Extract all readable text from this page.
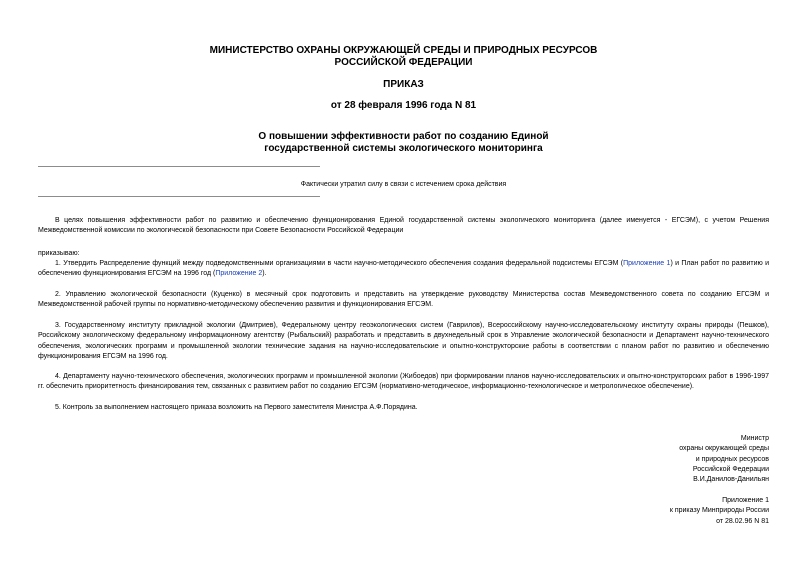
МИНИСТЕРСТВО ОХРАНЫ ОКРУЖАЮЩЕЙ СРЕДЫ И ПРИРОДНЫХ РЕСУРСОВ
РОССИЙСКОЙ ФЕДЕРАЦИИ
ПРИКАЗ
от 28 февраля 1996 года N 81
О повышении эффективности работ по созданию Единой
государственной системы экологического мониторинга
Фактически утратил силу в связи с истечением срока действия
В целях повышения эффективности работ по развитию и обеспечению функционирования Единой государственной системы экологического мониторинга (далее именуется - ЕГСЭМ), с учетом Решения Межведомственной комиссии по экологической безопасности при Совете Безопасности Российской Федерации
приказываю:
1. Утвердить Распределение функций между подведомственными организациями в части научно-методического обеспечения создания федеральной подсистемы ЕГСЭМ (Приложение 1) и План работ по развитию и обеспечению функционирования ЕГСЭМ на 1996 год (Приложение 2).
2. Управлению экологической безопасности (Куценко) в месячный срок подготовить и представить на утверждение руководству Министерства состав Межведомственного совета по созданию ЕГСЭМ и Межведомственной рабочей группы по нормативно-методическому обеспечению развития и функционирования ЕГСЭМ.
3. Государственному институту прикладной экологии (Дмитриев), Федеральному центру геоэкологических систем (Гаврилов), Всероссийскому научно-исследовательскому институту охраны природы (Пешков), Российскому экологическому федеральному информационному агентству (Рыбальский) разработать и представить в двухнедельный срок в Управление экологической безопасности и Департамент научно-технического обеспечения, экологических программ и промышленной экологии технические задания на научно-исследовательские и опытно-конструкторские работы в соответствии с планом работ по развитию и обеспечению функционирования ЕГСЭМ на 1996 год.
4. Департаменту научно-технического обеспечения, экологических программ и промышленной экологии (Жибоедов) при формировании планов научно-исследовательских и опытно-конструкторских работ в 1996-1997 гг. обеспечить приоритетность финансирования тем, связанных с развитием работ по созданию ЕГСЭМ (нормативно-методическое, информационно-технологическое и метрологическое обеспечение).
5. Контроль за выполнением настоящего приказа возложить на Первого заместителя Министра А.Ф.Порядина.
Министр
охраны окружающей среды
и природных ресурсов
Российской Федерации
В.И.Данилов-Данильян
Приложение 1
к приказу Минприроды России
от 28.02.96 N 81
